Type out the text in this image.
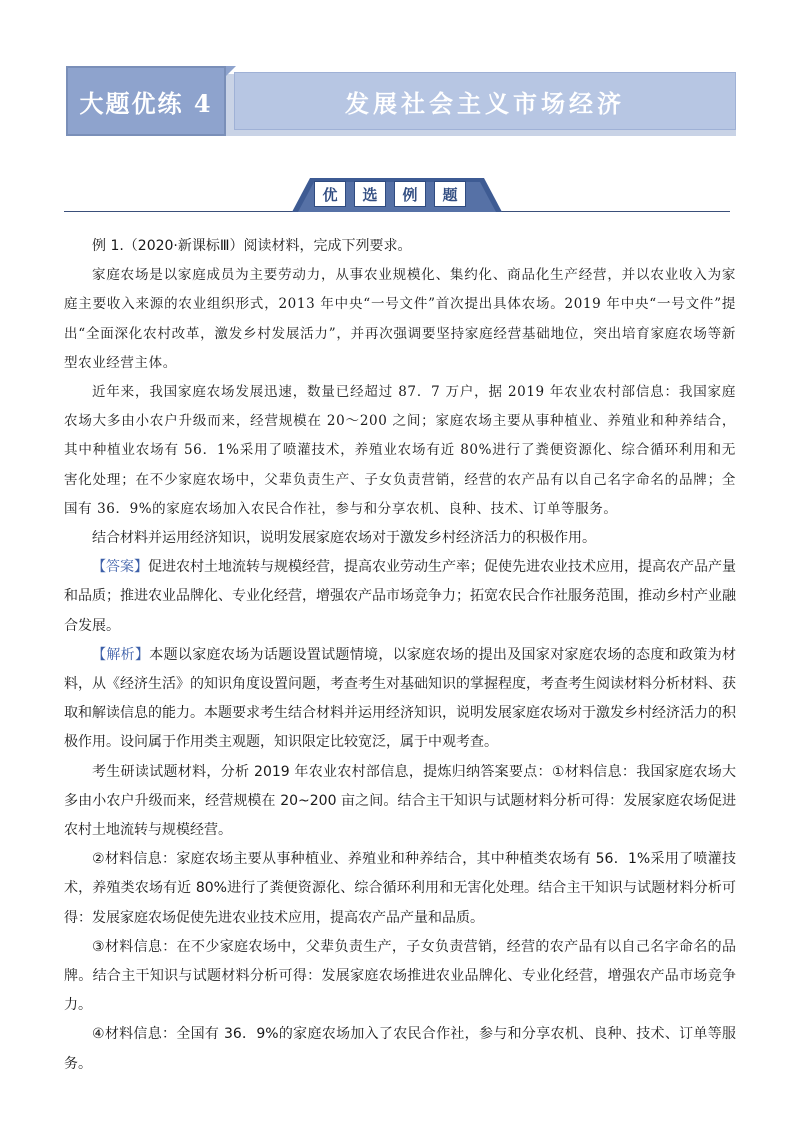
发展社会主义市场经济
大题优练 4
优	选	例	题

例 1.（2020·新课标Ⅲ）阅读材料，完成下列要求。

家庭农场是以家庭成员为主要劳动力，从事农业规模化、集约化、商品化生产经营，并以农业收入为家庭主要收入来源的农业组织形式，2013 年中央“一号文件”首次提出具体农场。2019 年中央“一号文件”提出“全面深化农村改革，激发乡村发展活力”，并再次强调要坚持家庭经营基础地位，突出培育家庭农场等新型农业经营主体。

近年来，我国家庭农场发展迅速，数量已经超过 87．7 万户，据 2019 年农业农村部信息：我国家庭农场大多由小农户升级而来，经营规模在 20～200 之间；家庭农场主要从事种植业、养殖业和种养结合，其中种植业农场有 56．1%采用了喷灌技术，养殖业农场有近 80%进行了粪便资源化、综合循环利用和无害化处理；在不少家庭农场中，父辈负责生产、子女负责营销，经营的农产品有以自己名字命名的品牌；全国有 36．9%的家庭农场加入农民合作社，参与和分享农机、良种、技术、订单等服务。

结合材料并运用经济知识，说明发展家庭农场对于激发乡村经济活力的积极作用。

【答案】促进农村土地流转与规模经营，提高农业劳动生产率；促使先进农业技术应用，提高农产品产量和品质；推进农业品牌化、专业化经营，增强农产品市场竞争力；拓宽农民合作社服务范围，推动乡村产业融合发展。

【解析】本题以家庭农场为话题设置试题情境，以家庭农场的提出及国家对家庭农场的态度和政策为材料，从《经济生活》的知识角度设置问题，考查考生对基础知识的掌握程度，考查考生阅读材料分析材料、获取和解读信息的能力。本题要求考生结合材料并运用经济知识，说明发展家庭农场对于激发乡村经济活力的积极作用。设问属于作用类主观题，知识限定比较宽泛，属于中观考查。

考生研读试题材料，分析 2019 年农业农村部信息，提炼归纳答案要点：①材料信息：我国家庭农场大多由小农户升级而来，经营规模在 20~200 亩之间。结合主干知识与试题材料分析可得：发展家庭农场促进农村土地流转与规模经营。

②材料信息：家庭农场主要从事种植业、养殖业和种养结合，其中种植类农场有 56．1%采用了喷灌技术，养殖类农场有近 80%进行了粪便资源化、综合循环利用和无害化处理。结合主干知识与试题材料分析可得：发展家庭农场促使先进农业技术应用，提高农产品产量和品质。

③材料信息：在不少家庭农场中，父辈负责生产，子女负责营销，经营的农产品有以自己名字命名的品牌。结合主干知识与试题材料分析可得：发展家庭农场推进农业品牌化、专业化经营，增强农产品市场竞争力。

④材料信息：全国有 36．9%的家庭农场加入了农民合作社，参与和分享农机、良种、技术、订单等服务。
